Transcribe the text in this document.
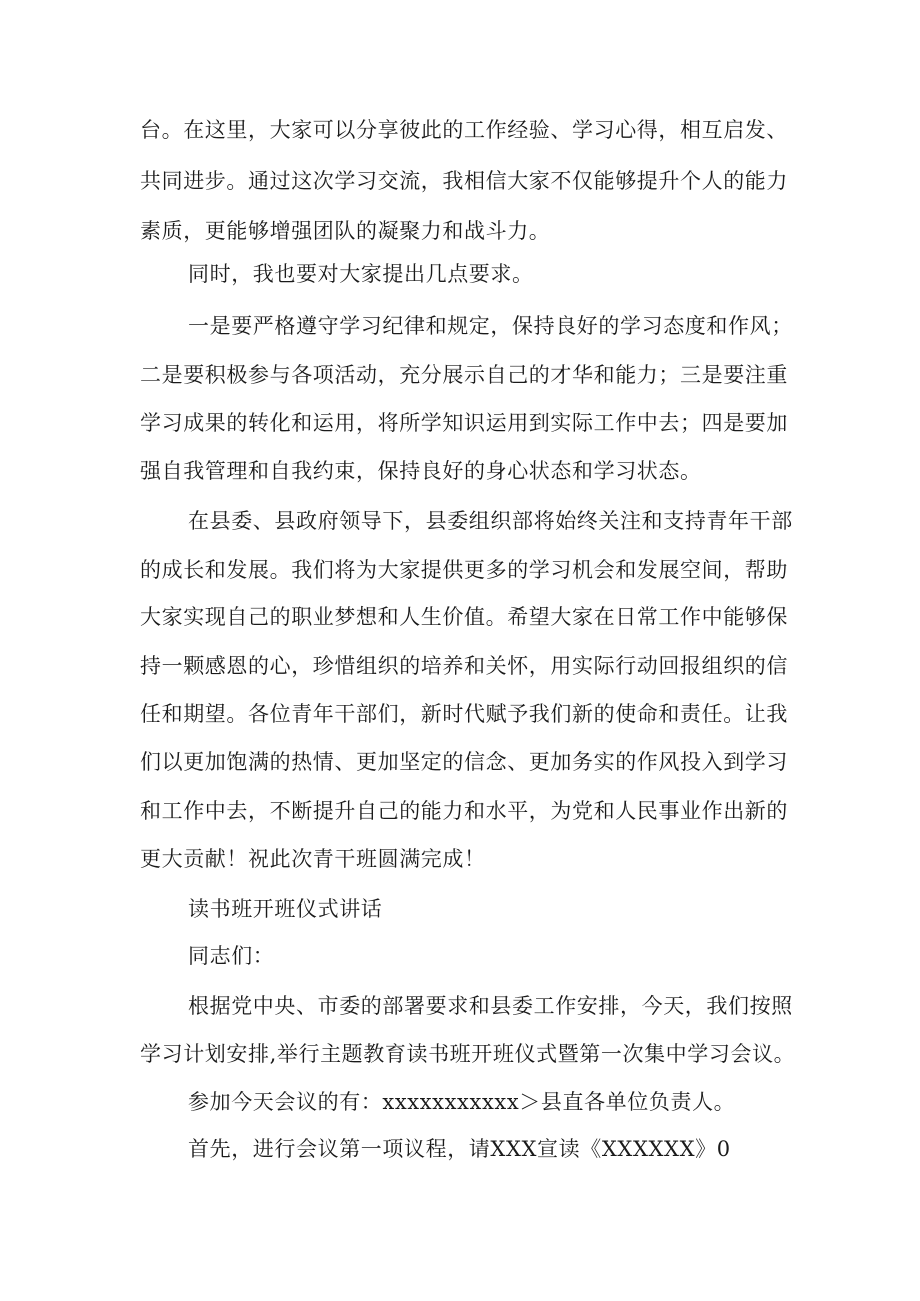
台。在这里，大家可以分享彼此的工作经验、学习心得，相互启发、
共同进步。通过这次学习交流，我相信大家不仅能够提升个人的能力
素质，更能够增强团队的凝聚力和战斗力。
同时，我也要对大家提出几点要求。
一是要严格遵守学习纪律和规定，保持良好的学习态度和作风；
二是要积极参与各项活动，充分展示自己的才华和能力；三是要注重
学习成果的转化和运用，将所学知识运用到实际工作中去；四是要加
强自我管理和自我约束，保持良好的身心状态和学习状态。
在县委、县政府领导下，县委组织部将始终关注和支持青年干部
的成长和发展。我们将为大家提供更多的学习机会和发展空间，帮助
大家实现自己的职业梦想和人生价值。希望大家在日常工作中能够保
持一颗感恩的心，珍惜组织的培养和关怀，用实际行动回报组织的信
任和期望。各位青年干部们，新时代赋予我们新的使命和责任。让我
们以更加饱满的热情、更加坚定的信念、更加务实的作风投入到学习
和工作中去，不断提升自己的能力和水平，为党和人民事业作出新的
更大贡献！祝此次青干班圆满完成！
读书班开班仪式讲话
同志们：
根据党中央、市委的部署要求和县委工作安排，今天，我们按照
学习计划安排,举行主题教育读书班开班仪式暨第一次集中学习会议。
参加今天会议的有：xxxxxxxxxxx＞县直各单位负责人。
首先，进行会议第一项议程，请XXX宣读《XXXXXX》0
